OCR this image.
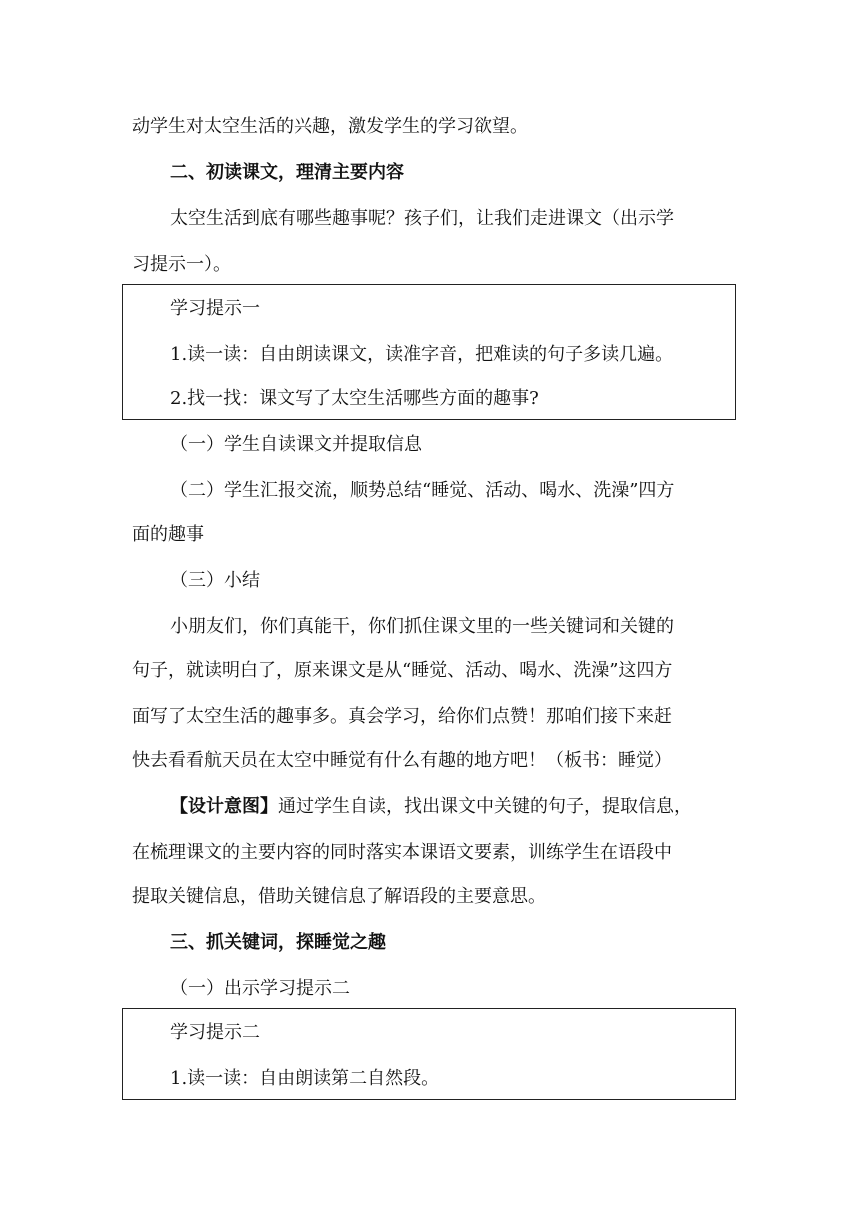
动学生对太空生活的兴趣，激发学生的学习欲望。
二、初读课文，理清主要内容
太空生活到底有哪些趣事呢？孩子们，让我们走进课文（出示学
习提示一）。
学习提示一
1.读一读：自由朗读课文，读准字音，把难读的句子多读几遍。
2.找一找：课文写了太空生活哪些方面的趣事?
（一）学生自读课文并提取信息
（二）学生汇报交流，顺势总结“睡觉、活动、喝水、洗澡”四方
面的趣事
（三）小结
小朋友们，你们真能干，你们抓住课文里的一些关键词和关键的
句子，就读明白了，原来课文是从“睡觉、活动、喝水、洗澡”这四方
面写了太空生活的趣事多。真会学习，给你们点赞！那咱们接下来赶
快去看看航天员在太空中睡觉有什么有趣的地方吧！（板书：睡觉）
【设计意图】通过学生自读，找出课文中关键的句子，提取信息，
在梳理课文的主要内容的同时落实本课语文要素，训练学生在语段中
提取关键信息，借助关键信息了解语段的主要意思。
三、抓关键词，探睡觉之趣
（一）出示学习提示二
学习提示二
1.读一读：自由朗读第二自然段。
